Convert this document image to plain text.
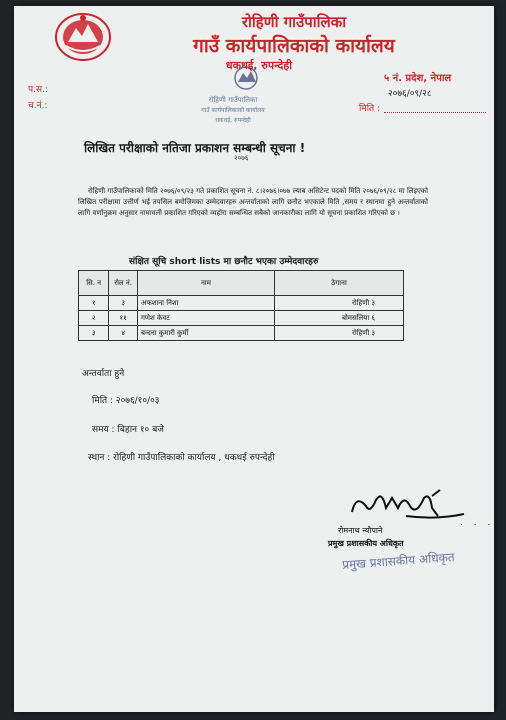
रोहिणी गाउँपालिका
गाउँ कार्यपालिकाको कार्यालय
धकधई, रुपन्देही
५ नं. प्रदेश, नेपाल
२०७६/०९/२८
प.स.:
च.नं.:	मिति :
रोहिणी गाउँपालिका
गाउँ कार्यपालिकाको कार्यालय
धकधई, रुपन्देही
लिखित परीक्षाको नतिजा प्रकाशन सम्बन्धी सूचना !
२०७६
रोहिणी गाउँपालिकाको मिति २०७६/०९/२३ गते प्रकाशित सूचना नं. ८।२०७६।०७७ ल्याब असिटेन्ट पदको मिति २०७६/०९/२८ मा लिइएको लिखित परीक्षामा उत्तीर्ण भई तपसिल बमोजिमका उम्मेदवारहरु अन्तर्वाताको लागि छनौट भएकाले मिति ,समय र स्थानमा हुने अन्तर्वाताको लागि वर्णानुक्रम अनुसार नामावली प्रकाशित गरिएको व्यहोरा सम्बन्धित सबैको जानकारीका लागि यो सूचना प्रकाशित गरिएको छ ।
संक्षित सूचि short lists मा छनौट भएका उम्मेदवारहरु
सि. न	रोल नं.	नाम	ठेगाना
१	३	अफशाना निशा	रोहिणी ३
२	११	गणेश केवट	बोमसलिया ६
३	४	बन्दना कुमारी कुर्मी	रोहिणी ३
अन्तर्वाता हुने
मिति : २०७६/१०/०३
समय : बिहान १० बजे
स्थान : रोहिणी गाउँपालिकाको कार्यालय , धकधई रुपन्देही
. . .
रोमनाथ न्यौपाने
प्रमुख प्रशासकीय अधिकृत
प्रमुख प्रशासकीय अधिकृत
